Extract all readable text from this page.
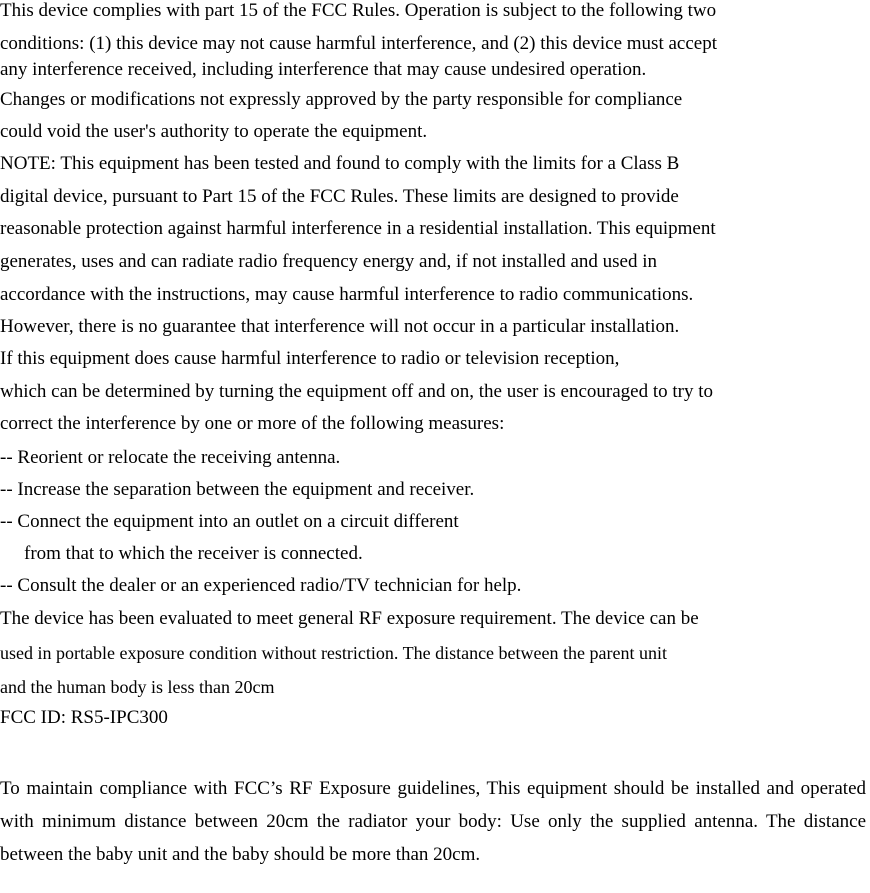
This device complies with part 15 of the FCC Rules. Operation is subject to the following two

conditions: (1) this device may not cause harmful interference, and (2) this device must accept

any interference received, including interference that may cause undesired operation.

Changes or modifications not expressly approved by the party responsible for compliance

could void the user's authority to operate the equipment.

NOTE: This equipment has been tested and found to comply with the limits for a Class B

digital device, pursuant to Part 15 of the FCC Rules. These limits are designed to provide

reasonable protection against harmful interference in a residential installation. This equipment

generates, uses and can radiate radio frequency energy and, if not installed and used in

accordance with the instructions, may cause harmful interference to radio communications.

However, there is no guarantee that interference will not occur in a particular installation.

If this equipment does cause harmful interference to radio or television reception,

which can be determined by turning the equipment off and on, the user is encouraged to try to

correct the interference by one or more of the following measures:

-- Reorient or relocate the receiving antenna.

-- Increase the separation between the equipment and receiver.

-- Connect the equipment into an outlet on a circuit different

from that to which the receiver is connected.

-- Consult the dealer or an experienced radio/TV technician for help.

The device has been evaluated to meet general RF exposure requirement. The device can be

used in portable exposure condition without restriction. The distance between the parent unit

and the human body is less than 20cm

FCC ID: RS5-IPC300

To maintain compliance with FCC’s RF Exposure guidelines, This equipment should be installed and operated with minimum distance between 20cm the radiator your body: Use only the supplied antenna. The distance between the baby unit and the baby should be more than 20cm.
